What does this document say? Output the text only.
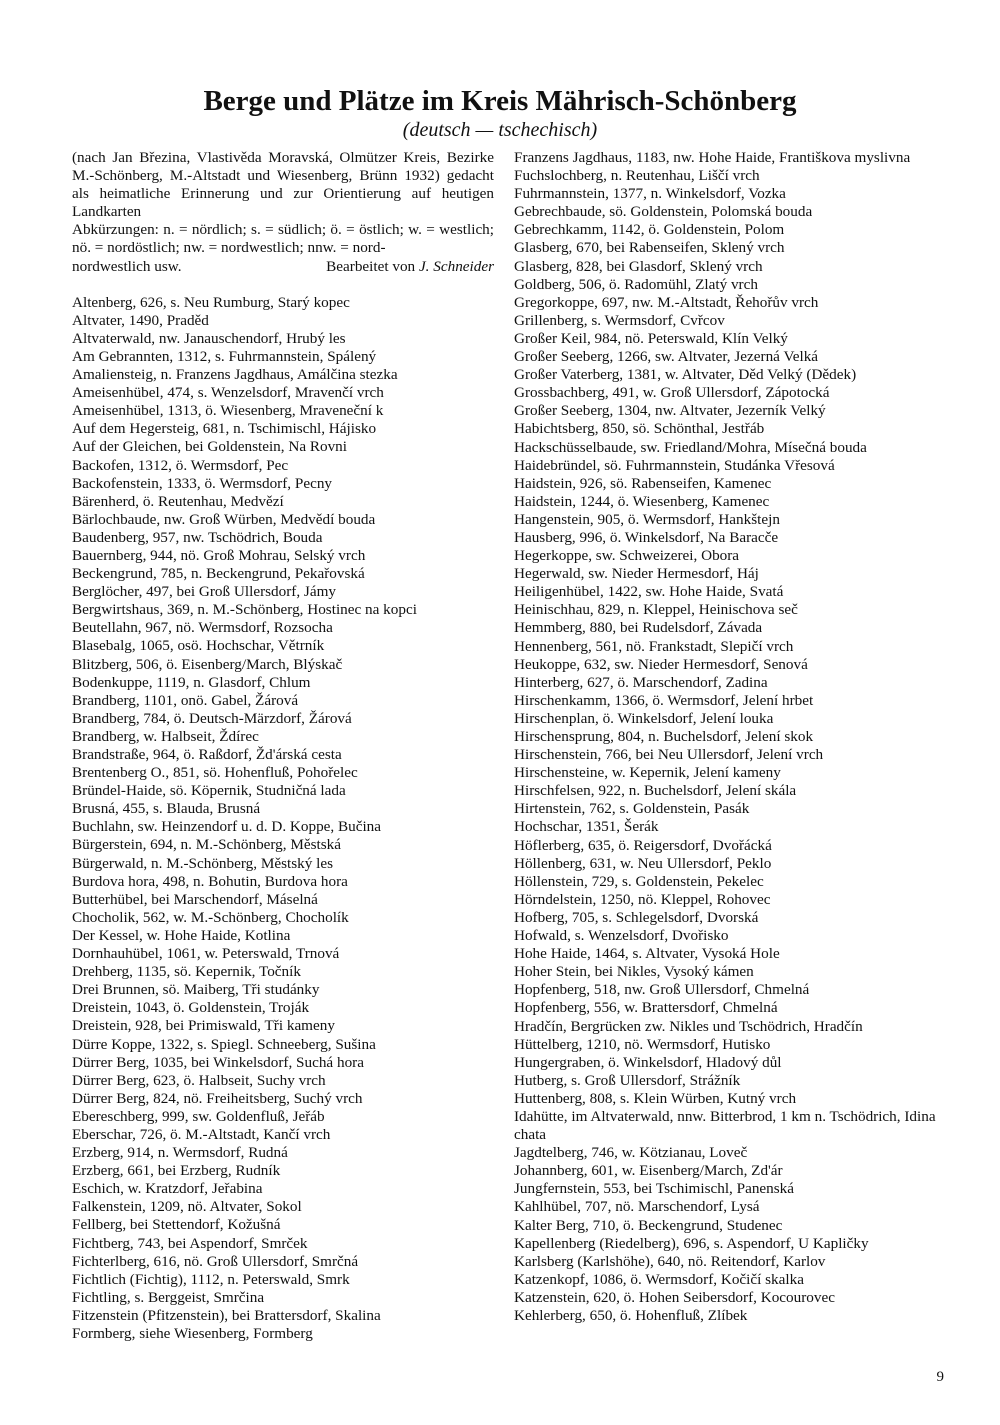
Berge und Plätze im Kreis Mährisch-Schönberg
(deutsch — tschechisch)

(nach Jan Březina, Vlastivěda Moravská, Olmützer Kreis, Bezirke M.-Schönberg, M.-Altstadt und Wiesenberg, Brünn 1932) gedacht als heimatliche Erinnerung und zur Orientierung auf heutigen Landkarten

Abkürzungen: n. = nördlich; s. = südlich; ö. = östlich; w. = westlich; nö. = nordöstlich; nw. = nordwestlich; nnw. = nord-

nordwestlich usw.	Bearbeitet von J. Schneider
Altenberg, 626, s. Neu Rumburg, Starý kopec
Altvater, 1490, Praděd
Altvaterwald, nw. Janauschendorf, Hrubý les
Am Gebrannten, 1312, s. Fuhrmannstein, Spálený
Amaliensteig, n. Franzens Jagdhaus, Amálčina stezka
Ameisenhübel, 474, s. Wenzelsdorf, Mravenčí vrch
Ameisenhübel, 1313, ö. Wiesenberg, Mraveneční k
Auf dem Hegersteig, 681, n. Tschimischl, Hájisko
Auf der Gleichen, bei Goldenstein, Na Rovni
Backofen, 1312, ö. Wermsdorf, Pec
Backofenstein, 1333, ö. Wermsdorf, Pecny
Bärenherd, ö. Reutenhau, Medvězí
Bärlochbaude, nw. Groß Würben, Medvědí bouda
Baudenberg, 957, nw. Tschödrich, Bouda
Bauernberg, 944, nö. Groß Mohrau, Selský vrch
Beckengrund, 785, n. Beckengrund, Pekařovská
Berglöcher, 497, bei Groß Ullersdorf, Jámy
Bergwirtshaus, 369, n. M.-Schönberg, Hostinec na kopci
Beutellahn, 967, nö. Wermsdorf, Rozsocha
Blasebalg, 1065, osö. Hochschar, Větrník
Blitzberg, 506, ö. Eisenberg/March, Blýskač
Bodenkuppe, 1119, n. Glasdorf, Chlum
Brandberg, 1101, onö. Gabel, Žárová
Brandberg, 784, ö. Deutsch-Märzdorf, Žárová
Brandberg, w. Halbseit, Ždírec
Brandstraße, 964, ö. Raßdorf, Žd'árská cesta
Brentenberg O., 851, sö. Hohenfluß, Pohořelec
Bründel-Haide, sö. Köpernik, Studničná lada
Brusná, 455, s. Blauda, Brusná
Buchlahn, sw. Heinzendorf u. d. D. Koppe, Bučina
Bürgerstein, 694, n. M.-Schönberg, Městská
Bürgerwald, n. M.-Schönberg, Městský les
Burdova hora, 498, n. Bohutin, Burdova hora
Butterhübel, bei Marschendorf, Máselná
Chocholik, 562, w. M.-Schönberg, Chocholík
Der Kessel, w. Hohe Haide, Kotlina
Dornhauhübel, 1061, w. Peterswald, Trnová
Drehberg, 1135, sö. Kepernik, Točník
Drei Brunnen, sö. Maiberg, Tři studánky
Dreistein, 1043, ö. Goldenstein, Troják
Dreistein, 928, bei Primiswald, Tři kameny
Dürre Koppe, 1322, s. Spiegl. Schneeberg, Sušina
Dürrer Berg, 1035, bei Winkelsdorf, Suchá hora
Dürrer Berg, 623, ö. Halbseit, Suchy vrch
Dürrer Berg, 824, nö. Freiheitsberg, Suchý vrch
Ebereschberg, 999, sw. Goldenfluß, Jeřáb
Eberschar, 726, ö. M.-Altstadt, Kančí vrch
Erzberg, 914, n. Wermsdorf, Rudná
Erzberg, 661, bei Erzberg, Rudník
Eschich, w. Kratzdorf, Jeřabina
Falkenstein, 1209, nö. Altvater, Sokol
Fellberg, bei Stettendorf, Kožušná
Fichtberg, 743, bei Aspendorf, Smrček
Fichterlberg, 616, nö. Groß Ullersdorf, Smrčná
Fichtlich (Fichtig), 1112, n. Peterswald, Smrk
Fichtling, s. Berggeist, Smrčina
Fitzenstein (Pfitzenstein), bei Brattersdorf, Skalina
Formberg, siehe Wiesenberg, Formberg
Franzens Jagdhaus, 1183, nw. Hohe Haide, Františkova myslivna
Fuchslochberg, n. Reutenhau, Liščí vrch
Fuhrmannstein, 1377, n. Winkelsdorf, Vozka
Gebrechbaude, sö. Goldenstein, Polomská bouda
Gebrechkamm, 1142, ö. Goldenstein, Polom
Glasberg, 670, bei Rabenseifen, Sklený vrch
Glasberg, 828, bei Glasdorf, Sklený vrch
Goldberg, 506, ö. Radomühl, Zlatý vrch
Gregorkoppe, 697, nw. M.-Altstadt, Řehořův vrch
Grillenberg, s. Wermsdorf, Cvřcov
Großer Keil, 984, nö. Peterswald, Klín Velký
Großer Seeberg, 1266, sw. Altvater, Jezerná Velká
Großer Vaterberg, 1381, w. Altvater, Děd Velký (Dědek)
Grossbachberg, 491, w. Groß Ullersdorf, Zápotocká
Großer Seeberg, 1304, nw. Altvater, Jezerník Velký
Habichtsberg, 850, sö. Schönthal, Jestřáb
Hackschüsselbaude, sw. Friedland/Mohra, Mísečná bouda
Haidebründel, sö. Fuhrmannstein, Studánka Vřesová
Haidstein, 926, sö. Rabenseifen, Kamenec
Haidstein, 1244, ö. Wiesenberg, Kamenec
Hangenstein, 905, ö. Wermsdorf, Hankštejn
Hausberg, 996, ö. Winkelsdorf, Na Baracče
Hegerkoppe, sw. Schweizerei, Obora
Hegerwald, sw. Nieder Hermesdorf, Háj
Heiligenhübel, 1422, sw. Hohe Haide, Svatá
Heinischhau, 829, n. Kleppel, Heinischova seč
Hemmberg, 880, bei Rudelsdorf, Závada
Hennenberg, 561, nö. Frankstadt, Slepičí vrch
Heukoppe, 632, sw. Nieder Hermesdorf, Senová
Hinterberg, 627, ö. Marschendorf, Zadina
Hirschenkamm, 1366, ö. Wermsdorf, Jelení hrbet
Hirschenplan, ö. Winkelsdorf, Jelení louka
Hirschensprung, 804, n. Buchelsdorf, Jelení skok
Hirschenstein, 766, bei Neu Ullersdorf, Jelení vrch
Hirschensteine, w. Kepernik, Jelení kameny
Hirschfelsen, 922, n. Buchelsdorf, Jelení skála
Hirtenstein, 762, s. Goldenstein, Pasák
Hochschar, 1351, Šerák
Höflerberg, 635, ö. Reigersdorf, Dvořácká
Höllenberg, 631, w. Neu Ullersdorf, Peklo
Höllenstein, 729, s. Goldenstein, Pekelec
Hörndelstein, 1250, nö. Kleppel, Rohovec
Hofberg, 705, s. Schlegelsdorf, Dvorská
Hofwald, s. Wenzelsdorf, Dvořisko
Hohe Haide, 1464, s. Altvater, Vysoká Hole
Hoher Stein, bei Nikles, Vysoký kámen
Hopfenberg, 518, nw. Groß Ullersdorf, Chmelná
Hopfenberg, 556, w. Brattersdorf, Chmelná
Hradčín, Bergrücken zw. Nikles und Tschödrich, Hradčín
Hüttelberg, 1210, nö. Wermsdorf, Hutisko
Hungergraben, ö. Winkelsdorf, Hladový důl
Hutberg, s. Groß Ullersdorf, Strážník
Huttenberg, 808, s. Klein Würben, Kutný vrch
Idahütte, im Altvaterwald, nnw. Bitterbrod, 1 km n. Tschödrich, Idina chata
Jagdtelberg, 746, w. Kötzianau, Loveč
Johannberg, 601, w. Eisenberg/March, Zd'ár
Jungfernstein, 553, bei Tschimischl, Panenská
Kahlhübel, 707, nö. Marschendorf, Lysá
Kalter Berg, 710, ö. Beckengrund, Studenec
Kapellenberg (Riedelberg), 696, s. Aspendorf, U Kapličky
Karlsberg (Karlshöhe), 640, nö. Reitendorf, Karlov
Katzenkopf, 1086, ö. Wermsdorf, Kočičí skalka
Katzenstein, 620, ö. Hohen Seibersdorf, Kocourovec
Kehlerberg, 650, ö. Hohenfluß, Zlíbek
9
